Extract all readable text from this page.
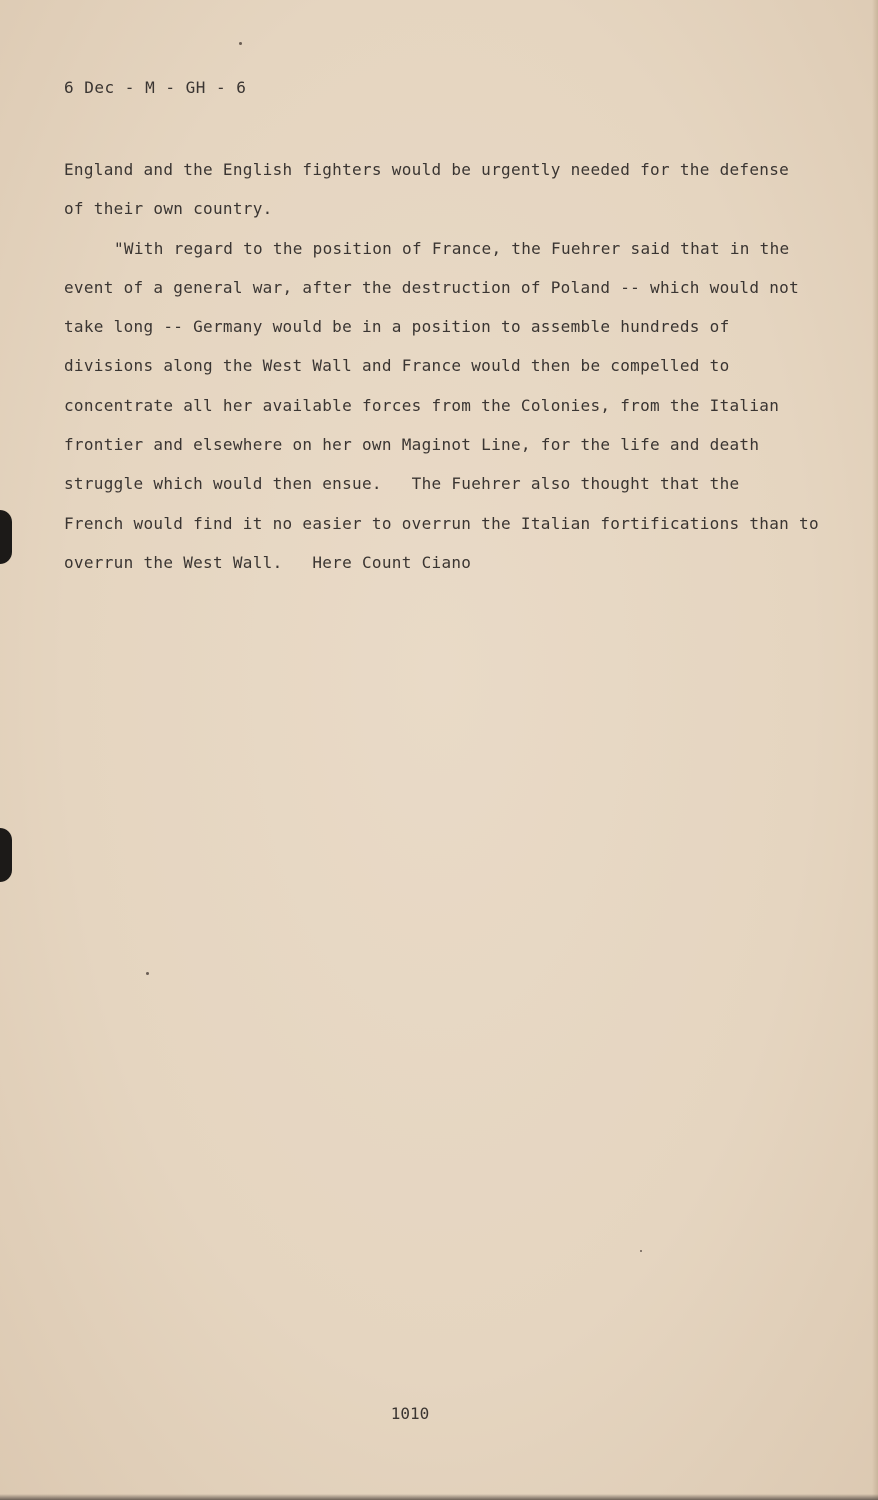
6 Dec - M - GH - 6
England and the English fighters would be urgently needed for the defense
of their own country.
"With regard to the position of France, the Fuehrer said that in the
event of a general war, after the destruction of Poland -- which would not
take long -- Germany would be in a position to assemble hundreds of
divisions along the West Wall and France would then be compelled to
concentrate all her available forces from the Colonies, from the Italian
frontier and elsewhere on her own Maginot Line, for the life and death
struggle which would then ensue.   The Fuehrer also thought that the
French would find it no easier to overrun the Italian fortifications than to
overrun the West Wall.   Here Count Ciano
1010
